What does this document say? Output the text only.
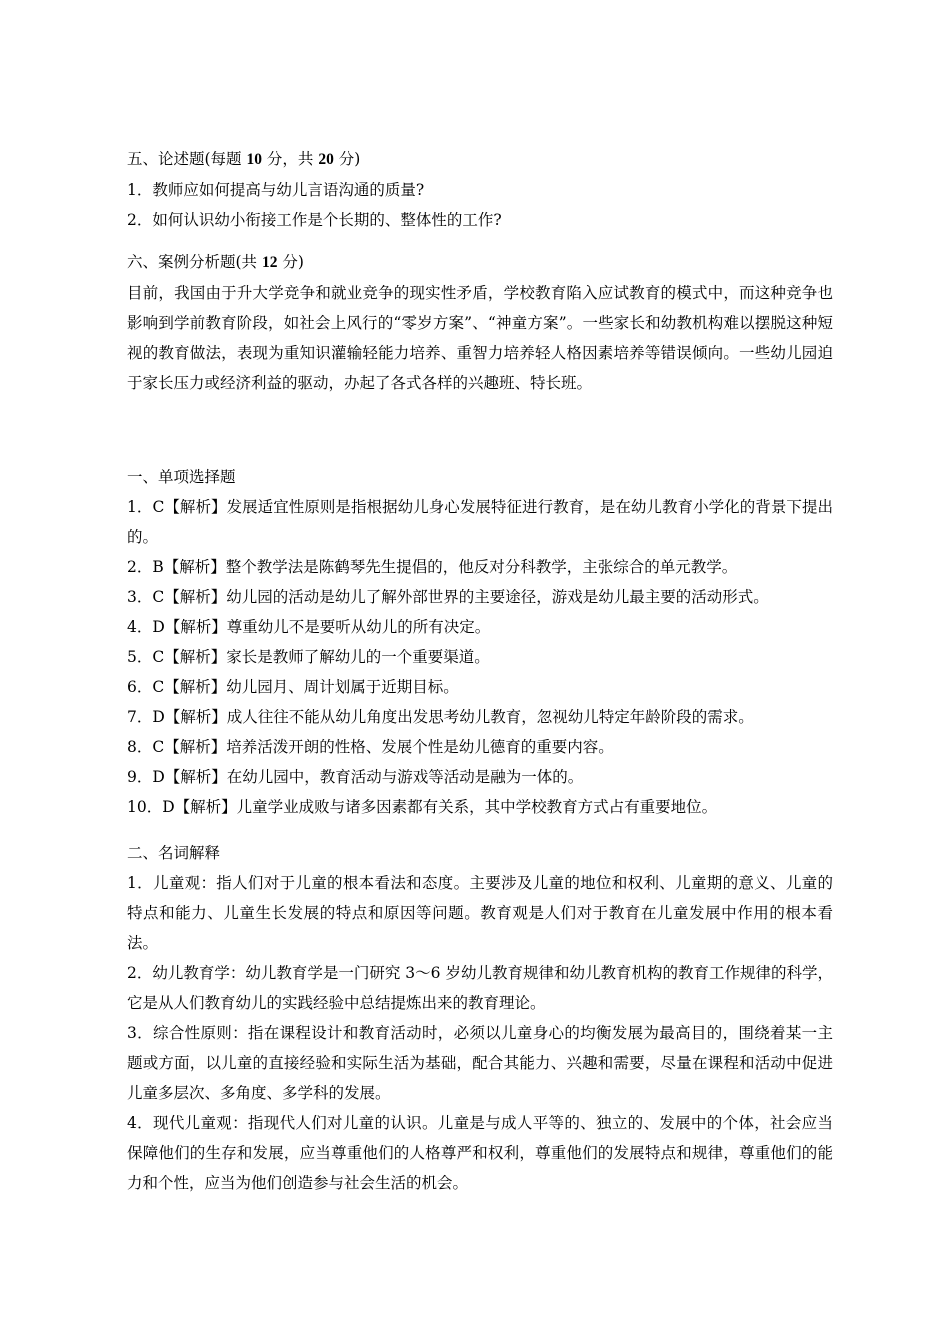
五、论述题(每题 10 分，共 20 分)
1．教师应如何提高与幼儿言语沟通的质量?
2．如何认识幼小衔接工作是个长期的、整体性的工作?
六、案例分析题(共 12 分)
目前，我国由于升大学竞争和就业竞争的现实性矛盾，学校教育陷入应试教育的模式中，而这种竞争也影响到学前教育阶段，如社会上风行的“零岁方案”、“神童方案”。一些家长和幼教机构难以摆脱这种短视的教育做法，表现为重知识灌输轻能力培养、重智力培养轻人格因素培养等错误倾向。一些幼儿园迫于家长压力或经济利益的驱动，办起了各式各样的兴趣班、特长班。
一、单项选择题
1．C【解析】发展适宜性原则是指根据幼儿身心发展特征进行教育，是在幼儿教育小学化的背景下提出的。
2．B【解析】整个教学法是陈鹤琴先生提倡的，他反对分科教学，主张综合的单元教学。
3．C【解析】幼儿园的活动是幼儿了解外部世界的主要途径，游戏是幼儿最主要的活动形式。
4．D【解析】尊重幼儿不是要听从幼儿的所有决定。
5．C【解析】家长是教师了解幼儿的一个重要渠道。
6．C【解析】幼儿园月、周计划属于近期目标。
7．D【解析】成人往往不能从幼儿角度出发思考幼儿教育，忽视幼儿特定年龄阶段的需求。
8．C【解析】培养活泼开朗的性格、发展个性是幼儿德育的重要内容。
9．D【解析】在幼儿园中，教育活动与游戏等活动是融为一体的。
10．D【解析】儿童学业成败与诸多因素都有关系，其中学校教育方式占有重要地位。
二、名词解释
1．儿童观：指人们对于儿童的根本看法和态度。主要涉及儿童的地位和权利、儿童期的意义、儿童的特点和能力、儿童生长发展的特点和原因等问题。教育观是人们对于教育在儿童发展中作用的根本看法。
2．幼儿教育学：幼儿教育学是一门研究 3～6 岁幼儿教育规律和幼儿教育机构的教育工作规律的科学，它是从人们教育幼儿的实践经验中总结提炼出来的教育理论。
3．综合性原则：指在课程设计和教育活动时，必须以儿童身心的均衡发展为最高目的，围绕着某一主题或方面，以儿童的直接经验和实际生活为基础，配合其能力、兴趣和需要，尽量在课程和活动中促进儿童多层次、多角度、多学科的发展。
4．现代儿童观：指现代人们对儿童的认识。儿童是与成人平等的、独立的、发展中的个体，社会应当保障他们的生存和发展，应当尊重他们的人格尊严和权利，尊重他们的发展特点和规律，尊重他们的能力和个性，应当为他们创造参与社会生活的机会。
